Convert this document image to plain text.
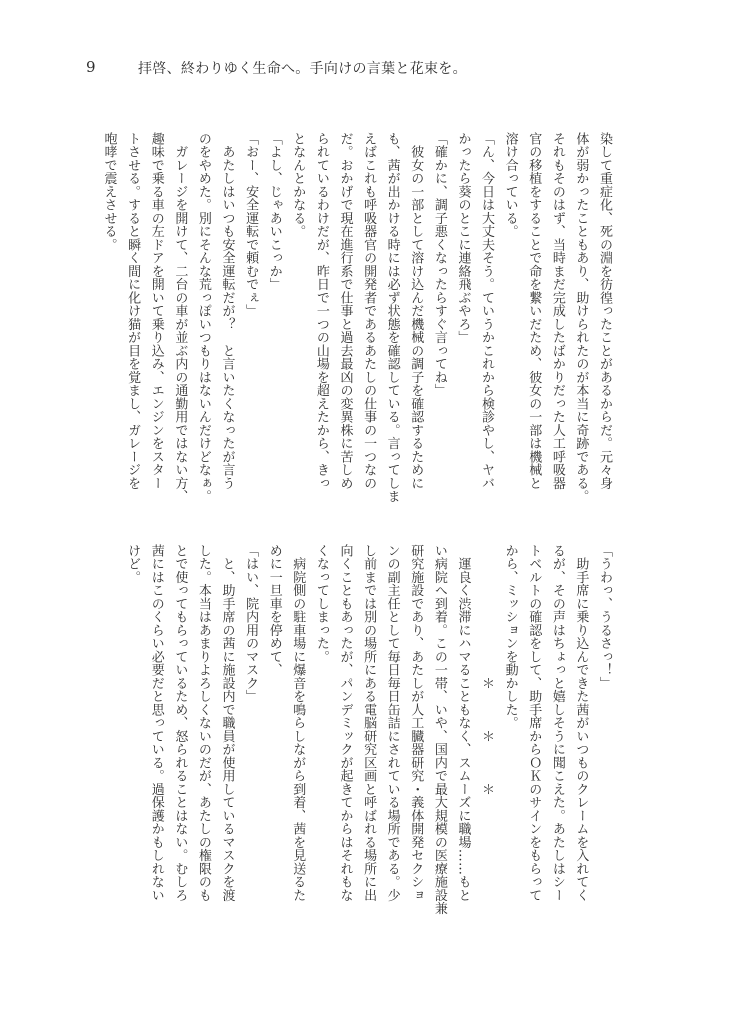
9	拝啓、終わりゆく生命へ。手向けの言葉と花束を。
染して重症化、死の淵を彷徨ったことがあるからだ。元々身
体が弱かったこともあり、助けられたのが本当に奇跡である。
それもそのはず、当時まだ完成したばかりだった人工呼吸器
官の移植をすることで命を繋いだため、彼女の一部は機械と
溶け合っている。
「ん、今日は大丈夫そう。ていうかこれから検診やし、ヤバ
かったら葵のとこに連絡飛ぶやろ」
「確かに、調子悪くなったらすぐ言ってね」
　彼女の一部として溶け込んだ機械の調子を確認するために
も、茜が出かける時には必ず状態を確認している。言ってしま
えばこれも呼吸器官の開発者であるあたしの仕事の一つなの
だ。おかげで現在進行系で仕事と過去最凶の変異株に苦しめ
られているわけだが、昨日で一つの山場を超えたから、きっ
となんとかなる。
「よし、じゃあいこっか」
「おー、安全運転で頼むでぇ」
　あたしはいつも安全運転だが？　と言いたくなったが言う
のをやめた。別にそんな荒っぽいつもりはないんだけどなぁ。
　ガレージを開けて、二台の車が並ぶ内の通勤用ではない方、
趣味で乗る車の左ドアを開いて乗り込み、エンジンをスター
トさせる。すると瞬く間に化け猫が目を覚まし、ガレージを
咆哮で震えさせる。
「うわっ、うるさっ！」
　助手席に乗り込んできた茜がいつものクレームを入れてく
るが、その声はちょっと嬉しそうに聞こえた。あたしはシー
トベルトの確認をして、助手席からＯＫのサインをもらって
から、ミッションを動かした。
　　　　　　　　　　＊　　　＊　　　＊
　運良く渋滞にハマることもなく、スムーズに職場……もと
い病院へ到着。この一帯、いや、国内で最大規模の医療施設兼
研究施設であり、あたしが人工臓器研究・義体開発セクショ
ンの副主任として毎日毎日缶詰にされている場所である。少
し前までは別の場所にある電脳研究区画と呼ばれる場所に出
向くこともあったが、パンデミックが起きてからはそれもな
くなってしまった。
　病院側の駐車場に爆音を鳴らしながら到着、茜を見送るた
めに一旦車を停めて、
「はい、院内用のマスク」
　と、助手席の茜に施設内で職員が使用しているマスクを渡
した。本当はあまりよろしくないのだが、あたしの権限のも
とで使ってもらっているため、怒られることはない。むしろ
茜にはこのくらい必要だと思っている。過保護かもしれない
けど。
